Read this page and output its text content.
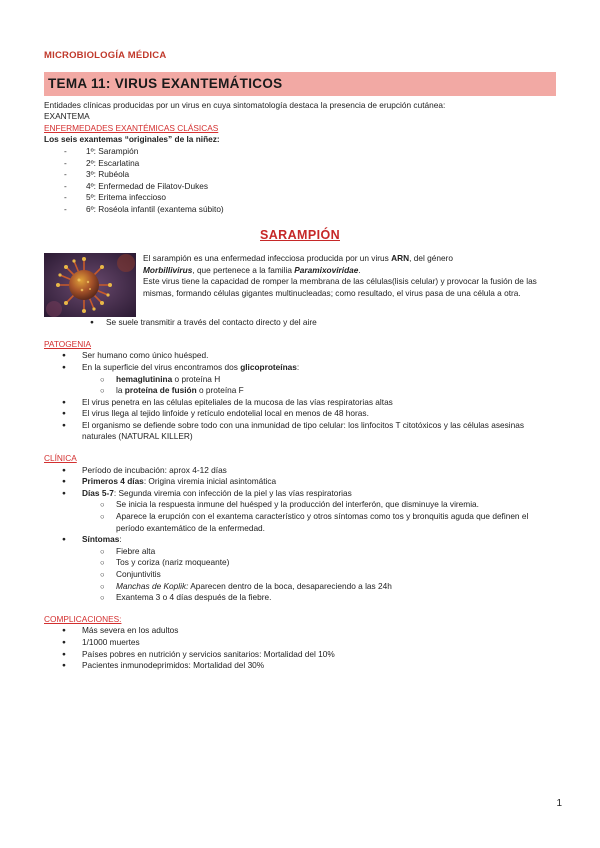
MICROBIOLOGÍA MÉDICA
TEMA 11: VIRUS EXANTEMÁTICOS

Entidades clínicas producidas por un virus en cuya sintomatología destaca la presencia de erupción cutánea:

EXANTEMA

ENFERMEDADES EXANTÉMICAS CLÁSICAS

Los seis exantemas “originales” de la niñez:

- 1º: Sarampión
- 2º: Escarlatina
- 3º: Rubéola
- 4º: Enfermedad de Filatov-Dukes
- 5º: Eritema infeccioso
- 6º: Roséola infantil (exantema súbito)
SARAMPIÓN

El sarampión es una enfermedad infecciosa producida por un virus ARN, del género

Morbillivirus, que pertenece a la familia Paramixoviridae.

Este virus tiene la capacidad de romper la membrana de las células(lisis celular) y provocar la fusión de las mismas, formando células gigantes multinucleadas; como resultado, el virus pasa de una célula a otra.

● Se suele transmitir a través del contacto directo y del aire

PATOGENIA

● Ser humano como único huésped.
● En la superficie del virus encontramos dos glicoproteínas:
○ hemaglutinina o proteína H
○ la proteína de fusión o proteína F
● El virus penetra en las células epiteliales de la mucosa de las vías respiratorias altas
● El virus llega al tejido linfoide y retículo endotelial local en menos de 48 horas.
● El organismo se defiende sobre todo con una inmunidad de tipo celular: los linfocitos T citotóxicos y las células asesinas naturales (NATURAL KILLER)

CLÍNICA

● Período de incubación: aprox 4-12 días
● Primeros 4 días: Origina viremia inicial asintomática
● Días 5-7: Segunda viremia con infección de la piel y las vías respiratorias
○ Se inicia la respuesta inmune del huésped y la producción del interferón, que disminuye la viremia.
○ Aparece la erupción con el exantema característico y otros síntomas como tos y bronquitis aguda que definen el período exantemático de la enfermedad.
● Síntomas:
○ Fiebre alta
○ Tos y coriza (nariz moqueante)
○ Conjuntivitis
○ Manchas de Koplik: Aparecen dentro de la boca, desapareciendo a las 24h
○ Exantema 3 o 4 días después de la fiebre.

COMPLICACIONES:

● Más severa en los adultos
● 1/1000 muertes
● Países pobres en nutrición y servicios sanitarios: Mortalidad del 10%
● Pacientes inmunodeprimidos: Mortalidad del 30%
1
